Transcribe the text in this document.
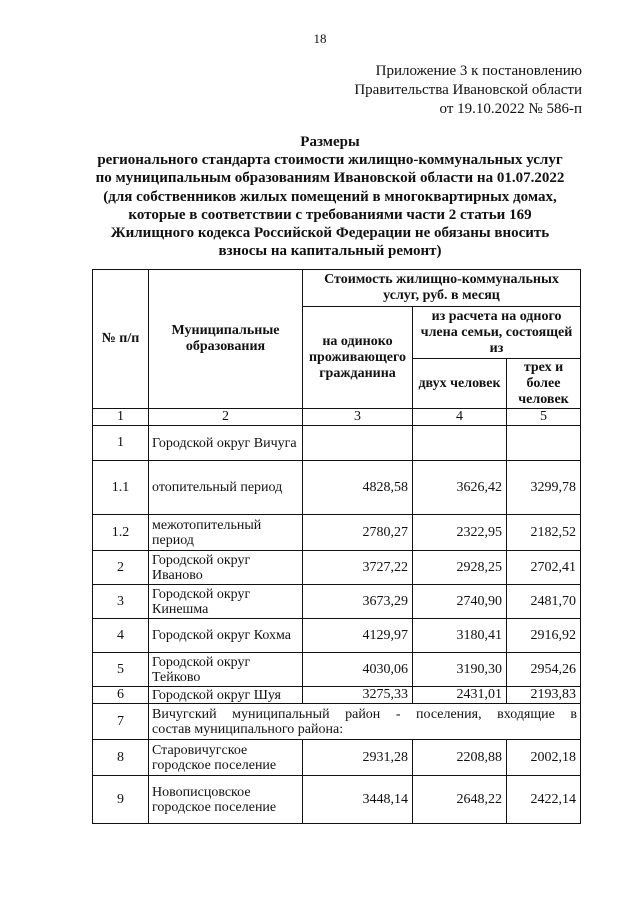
18
Приложение 3 к постановлению
Правительства Ивановской области
от 19.10.2022 № 586-п
Размеры
регионального стандарта стоимости жилищно-коммунальных услуг
по муниципальным образованиям Ивановской области на 01.07.2022
(для собственников жилых помещений в многоквартирных домах,
которые в соответствии с требованиями части 2 статьи 169
Жилищного кодекса Российской Федерации не обязаны вносить
взносы на капитальный ремонт)
№ п/п	Муниципальные образования	Стоимость жилищно-коммунальных услуг, руб. в месяц		
		на одиноко проживающего гражданина	из расчета на одного члена семьи, состоящей из	
			двух человек	трех и более человек
1	2	3	4	5
1	Городской округ Вичуга			
1.1	отопительный период	4828,58	3626,42	3299,78
1.2	межотопительный период	2780,27	2322,95	2182,52
2	Городской округ Иваново	3727,22	2928,25	2702,41
3	Городской округ Кинешма	3673,29	2740,90	2481,70
4	Городской округ Кохма	4129,97	3180,41	2916,92
5	Городской округ Тейково	4030,06	3190,30	2954,26
6	Городской округ Шуя	3275,33	2431,01	2193,83
7	Вичугский муниципальный район - поселения, входящие в
состав муниципального района:			

8	Старовичугское городское поселение	2931,28	2208,88	2002,18
9	Новописцовское городское поселение	3448,14	2648,22	2422,14
